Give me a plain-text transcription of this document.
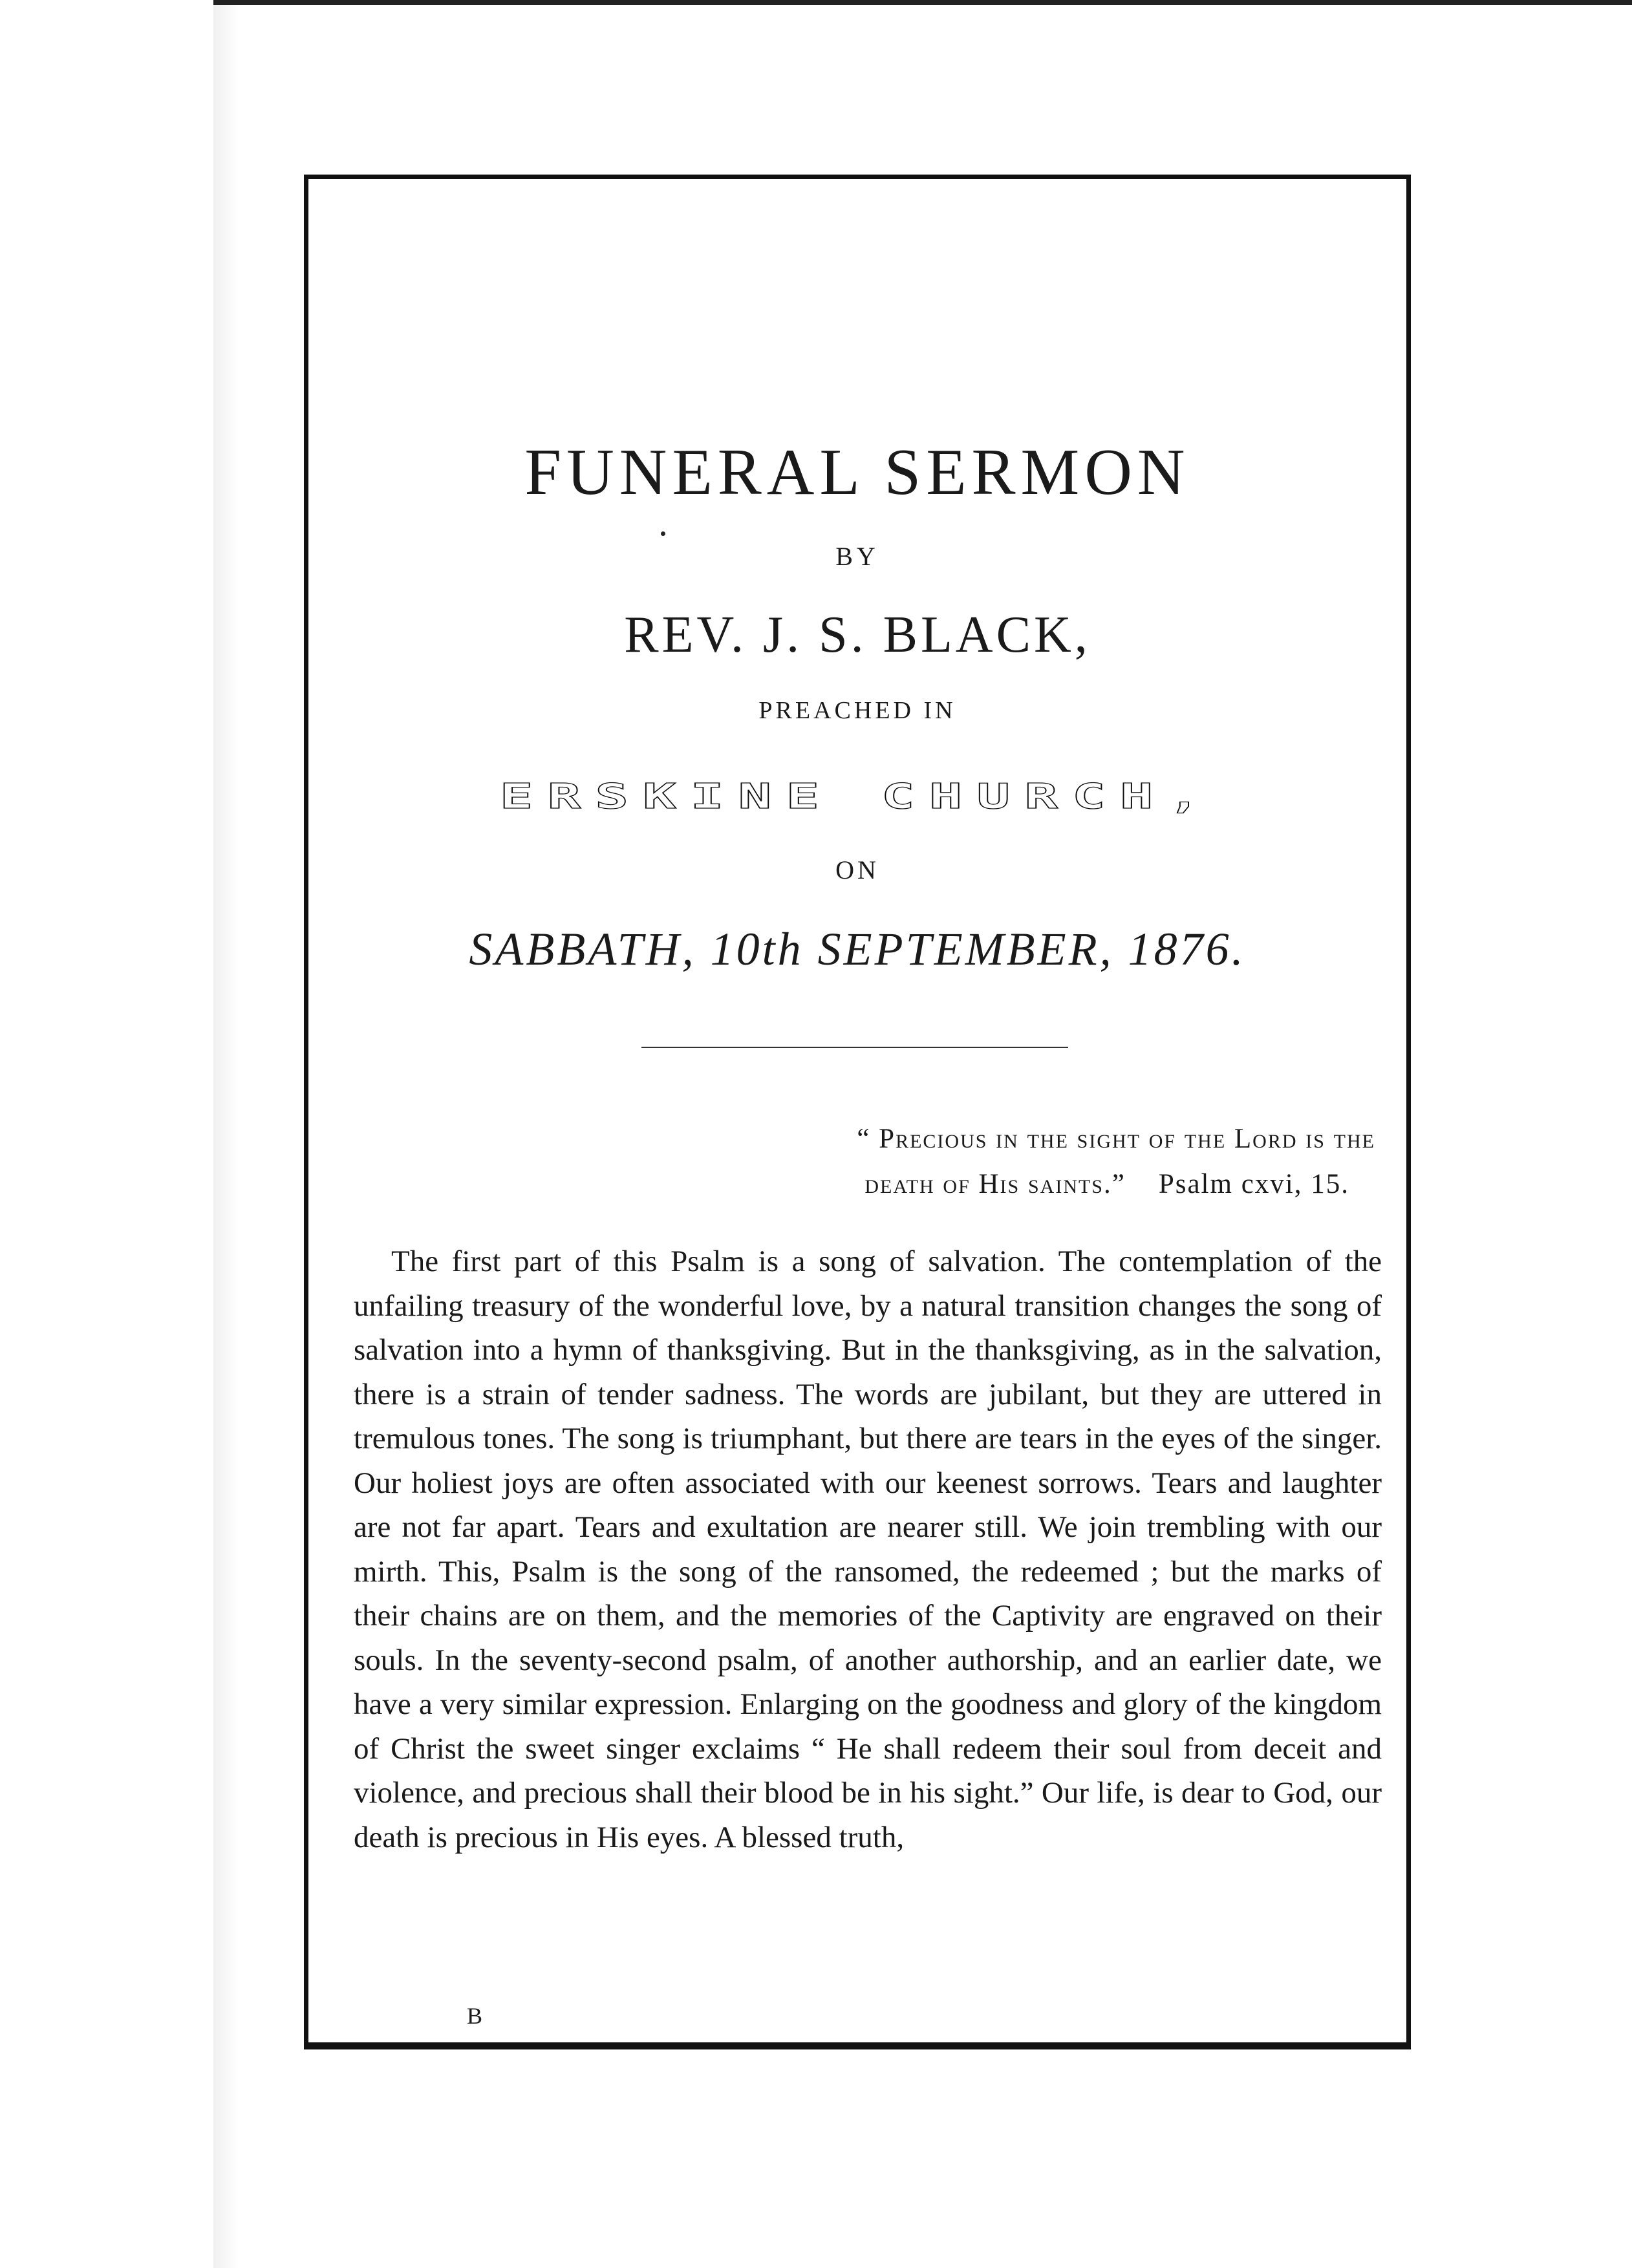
FUNERAL SERMON
BY
REV. J. S. BLACK,
PREACHED IN
ERSKINE CHURCH,
ON
SABBATH, 10th SEPTEMBER, 1876.
“ Precious in the sight of the Lord is the
death of His saints.” Psalm cxvi, 15.
The first part of this Psalm is a song of salvation. The contemplation of the unfailing treasury of the wonderful love, by a natural transition changes the song of salvation into a hymn of thanksgiving. But in the thanksgiving, as in the salvation, there is a strain of tender sadness. The words are jubilant, but they are uttered in tremulous tones. The song is triumphant, but there are tears in the eyes of the singer. Our holiest joys are often associated with our keenest sorrows. Tears and laughter are not far apart. Tears and exultation are nearer still. We join trembling with our mirth. This, Psalm is the song of the ransomed, the redeemed ; but the marks of their chains are on them, and the memories of the Captivity are engraved on their souls. In the seventy-second psalm, of another authorship, and an earlier date, we have a very similar expression. Enlarging on the goodness and glory of the kingdom of Christ the sweet singer exclaims “ He shall redeem their soul from deceit and violence, and precious shall their blood be in his sight.” Our life, is dear to God, our death is precious in His eyes. A blessed truth,
B
